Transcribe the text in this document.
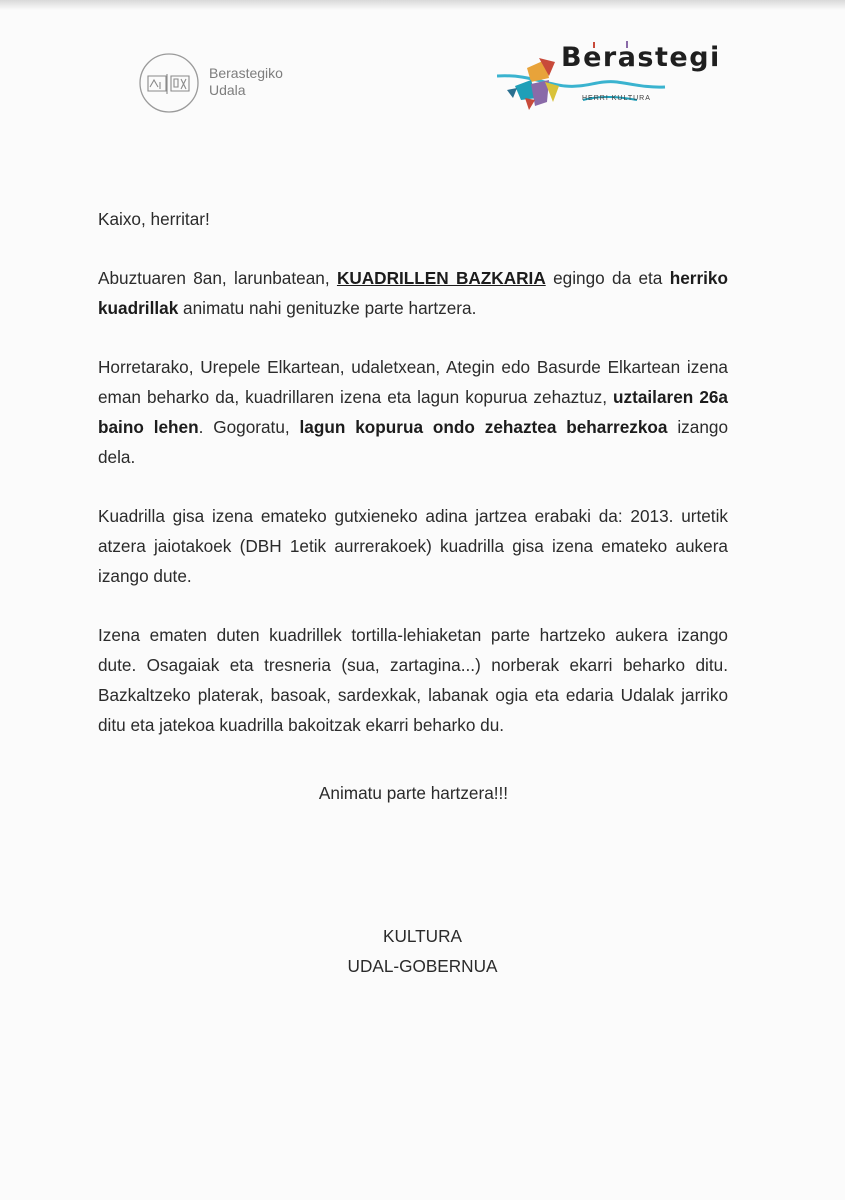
Berastegiko
Udala
Berastegi
HERRI KULTURA

Kaixo, herritar!

Abuztuaren 8an, larunbatean, KUADRILLEN BAZKARIA egingo da eta herriko kuadrillak animatu nahi genituzke parte hartzera.

Horretarako, Urepele Elkartean, udaletxean, Ategin edo Basurde Elkartean izena eman beharko da, kuadrillaren izena eta lagun kopurua zehaztuz, uztailaren 26a baino lehen. Gogoratu, lagun kopurua ondo zehaztea beharrezkoa izango dela.

Kuadrilla gisa izena emateko gutxieneko adina jartzea erabaki da: 2013. urtetik atzera jaiotakoek (DBH 1etik aurrerakoek) kuadrilla gisa izena emateko aukera izango dute.

Izena ematen duten kuadrillek tortilla-lehiaketan parte hartzeko aukera izango dute. Osagaiak eta tresneria (sua, zartagina...) norberak ekarri beharko ditu. Bazkaltzeko platerak, basoak, sardexkak, labanak ogia eta edaria Udalak jarriko ditu eta jatekoa kuadrilla bakoitzak ekarri beharko du.

Animatu parte hartzera!!!
KULTURA
UDAL-GOBERNUA
